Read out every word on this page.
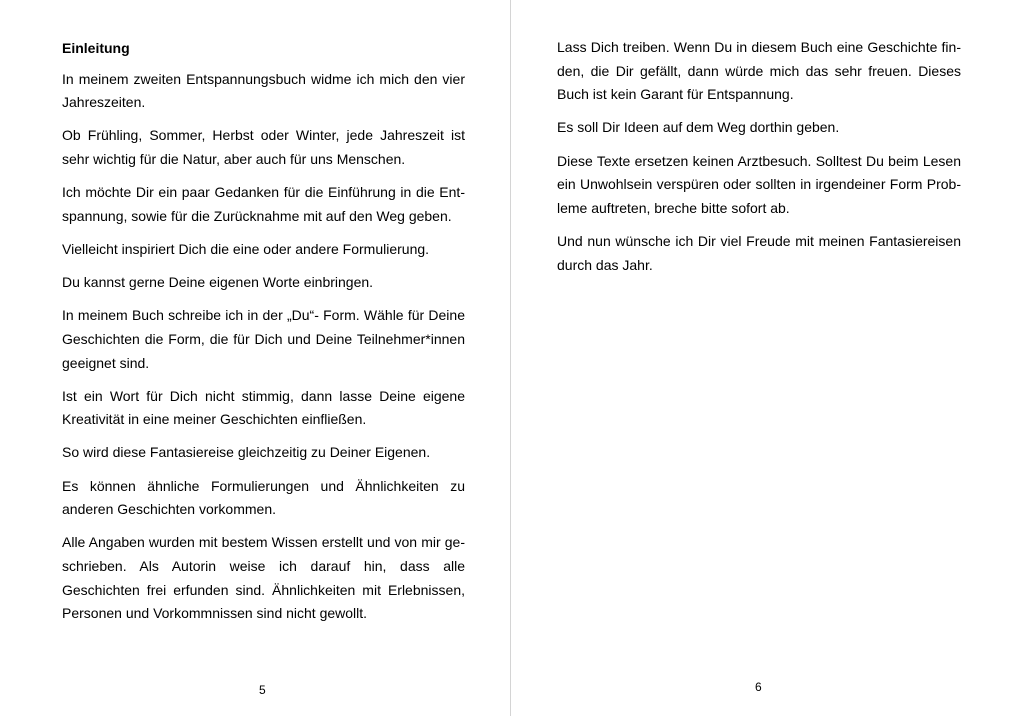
Einleitung

In meinem zweiten Entspannungsbuch widme ich mich den vier Jahreszeiten.

Ob Frühling, Sommer, Herbst oder Winter, jede Jahreszeit ist sehr wichtig für die Natur, aber auch für uns Menschen.

Ich möchte Dir ein paar Gedanken für die Einführung in die Entspannung, sowie für die Zurücknahme mit auf den Weg geben.

Vielleicht inspiriert Dich die eine oder andere Formulierung.

Du kannst gerne Deine eigenen Worte einbringen.

In meinem Buch schreibe ich in der „Du“- Form. Wähle für Deine Geschichten die Form, die für Dich und Deine Teilnehmer*innen geeignet sind.

Ist ein Wort für Dich nicht stimmig, dann lasse Deine eigene Kreativität in eine meiner Geschichten einfließen.

So wird diese Fantasiereise gleichzeitig zu Deiner Eigenen.

Es können ähnliche Formulierungen und Ähnlichkeiten zu anderen Geschichten vorkommen.

Alle Angaben wurden mit bestem Wissen erstellt und von mir geschrieben. Als Autorin weise ich darauf hin, dass alle Geschichten frei erfunden sind. Ähnlichkeiten mit Erlebnissen, Personen und Vorkommnissen sind nicht gewollt.

5

Lass Dich treiben. Wenn Du in diesem Buch eine Geschichte finden, die Dir gefällt, dann würde mich das sehr freuen. Dieses Buch ist kein Garant für Entspannung.

Es soll Dir Ideen auf dem Weg dorthin geben.

Diese Texte ersetzen keinen Arztbesuch. Solltest Du beim Lesen ein Unwohlsein verspüren oder sollten in irgendeiner Form Probleme auftreten, breche bitte sofort ab.

Und nun wünsche ich Dir viel Freude mit meinen Fantasiereisen durch das Jahr.

6
